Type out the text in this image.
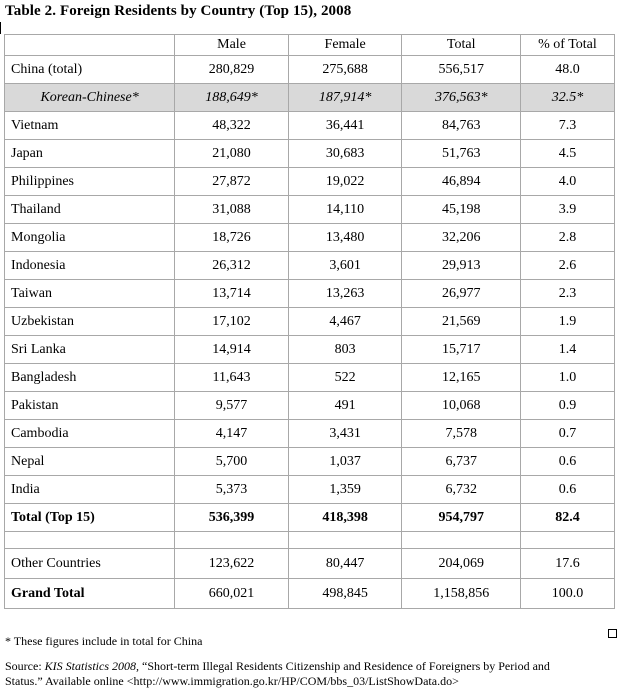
Table 2. Foreign Residents by Country (Top 15), 2008
	Male	Female	Total	% of Total
China (total)	280,829	275,688	556,517	48.0
Korean-Chinese*	188,649*	187,914*	376,563*	32.5*
Vietnam	48,322	36,441	84,763	7.3
Japan	21,080	30,683	51,763	4.5
Philippines	27,872	19,022	46,894	4.0
Thailand	31,088	14,110	45,198	3.9
Mongolia	18,726	13,480	32,206	2.8
Indonesia	26,312	3,601	29,913	2.6
Taiwan	13,714	13,263	26,977	2.3
Uzbekistan	17,102	4,467	21,569	1.9
Sri Lanka	14,914	803	15,717	1.4
Bangladesh	11,643	522	12,165	1.0
Pakistan	9,577	491	10,068	0.9
Cambodia	4,147	3,431	7,578	0.7
Nepal	5,700	1,037	6,737	0.6
India	5,373	1,359	6,732	0.6
Total (Top 15)	536,399	418,398	954,797	82.4

Other Countries	123,622	80,447	204,069	17.6
Grand Total	660,021	498,845	1,158,856	100.0
* These figures include in total for China
Source: KIS Statistics 2008, “Short-term Illegal Residents Citizenship and Residence of Foreigners by Period and
Status.” Available online <http://www.immigration.go.kr/HP/COM/bbs_03/ListShowData.do>
